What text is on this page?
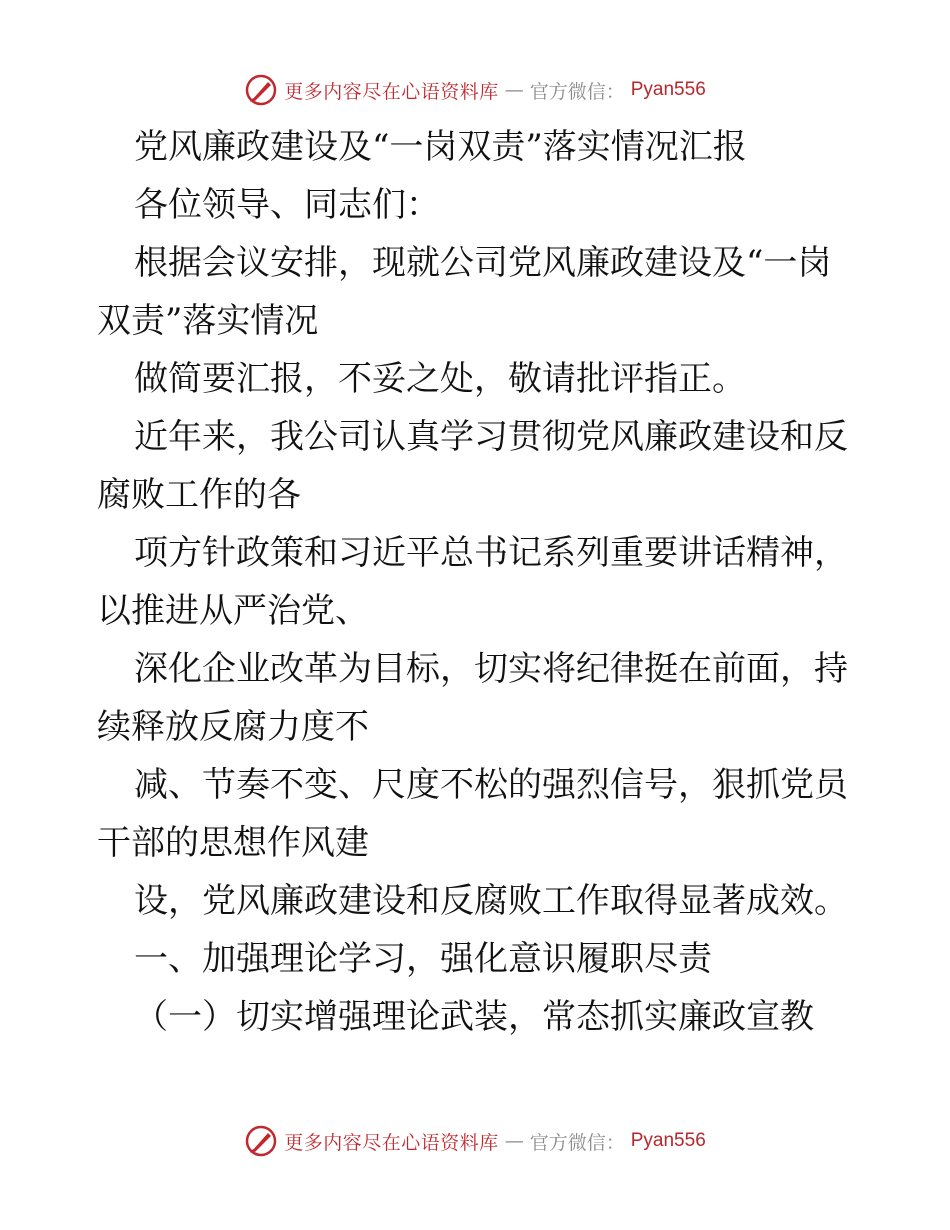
更多内容尽在心语资料库 — 官方微信： Pyan556
党风廉政建设及“一岗双责”落实情况汇报
各位领导、同志们：
根据会议安排，现就公司党风廉政建设及“一岗
双责”落实情况
做简要汇报，不妥之处，敬请批评指正。
近年来，我公司认真学习贯彻党风廉政建设和反
腐败工作的各
项方针政策和习近平总书记系列重要讲话精神，
以推进从严治党、
深化企业改革为目标，切实将纪律挺在前面，持
续释放反腐力度不
减、节奏不变、尺度不松的强烈信号，狠抓党员
干部的思想作风建
设，党风廉政建设和反腐败工作取得显著成效。
一、加强理论学习，强化意识履职尽责
（一）切实增强理论武装，常态抓实廉政宣教
更多内容尽在心语资料库 — 官方微信： Pyan556
